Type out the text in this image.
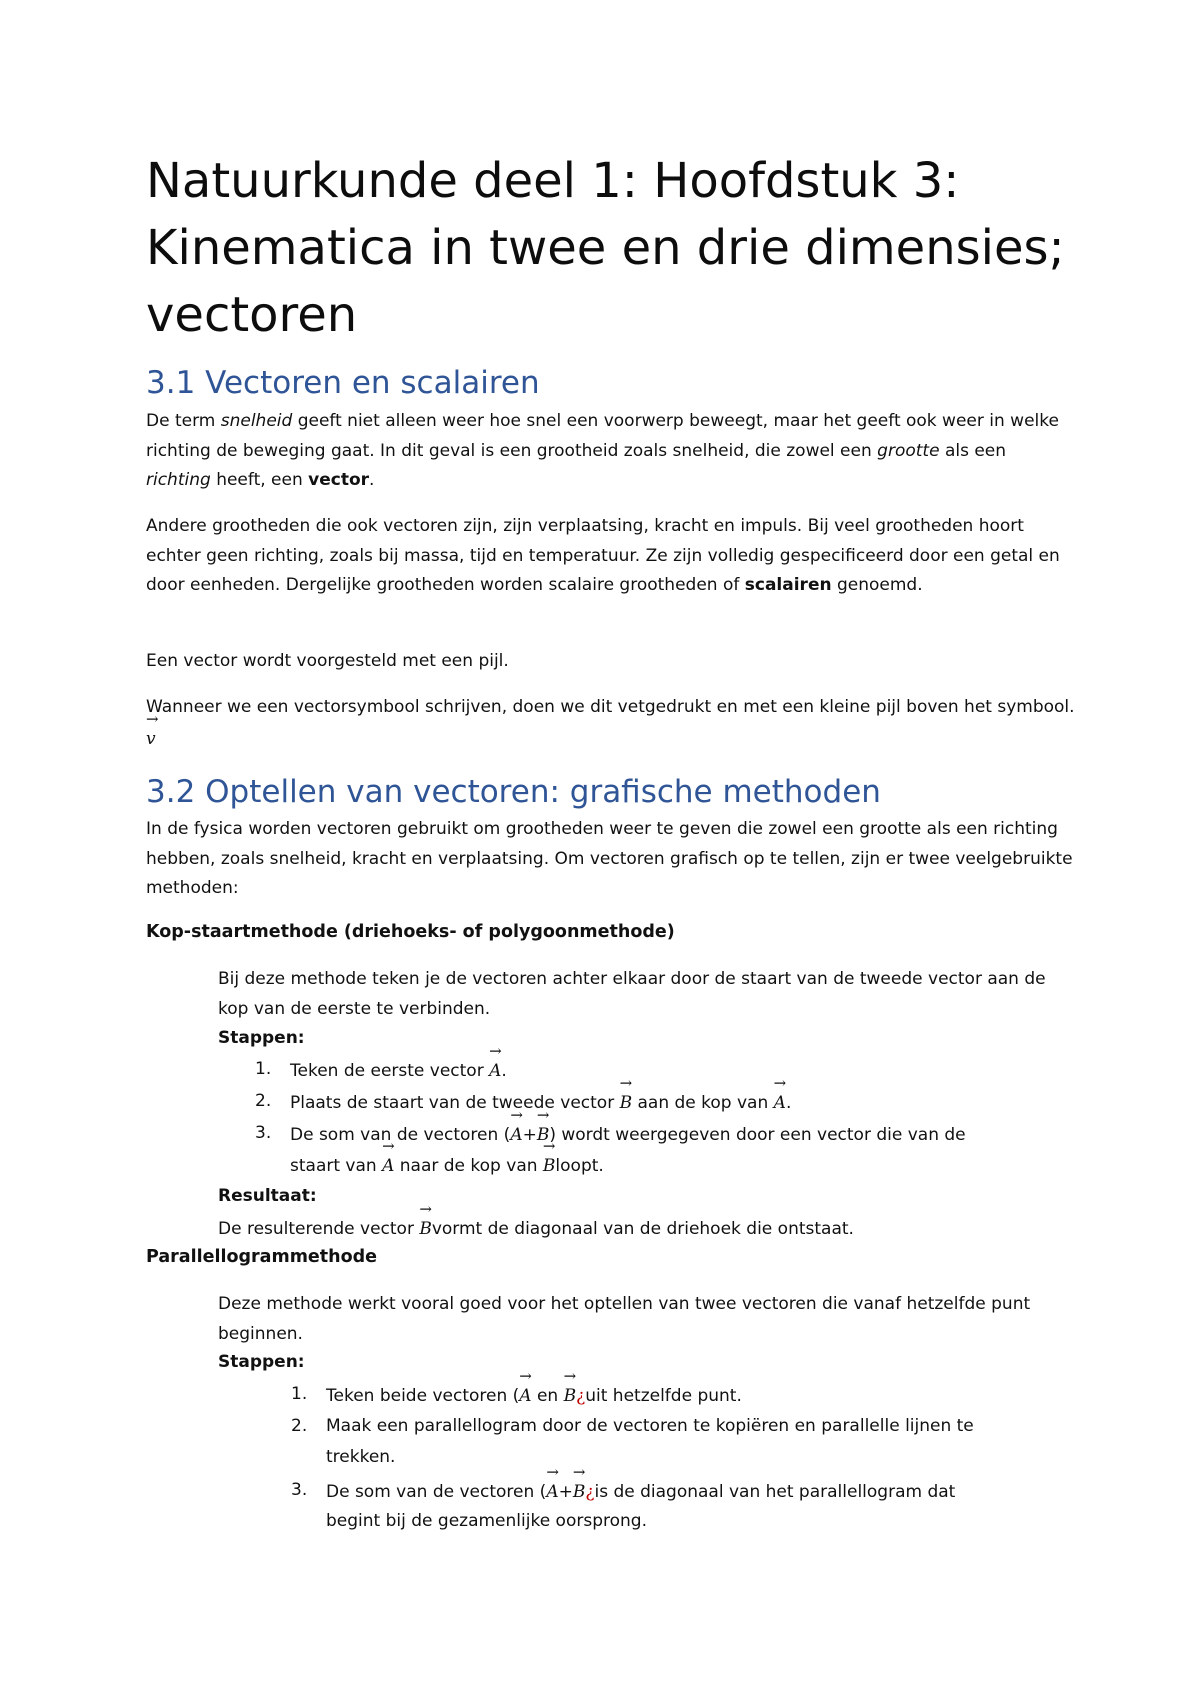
Natuurkunde deel 1: Hoofdstuk 3: Kinematica in twee en drie dimensies; vectoren
3.1 Vectoren en scalairen

De term snelheid geeft niet alleen weer hoe snel een voorwerp beweegt, maar het geeft ook weer in welke richting de beweging gaat. In dit geval is een grootheid zoals snelheid, die zowel een grootte als een richting heeft, een vector.

Andere grootheden die ook vectoren zijn, zijn verplaatsing, kracht en impuls. Bij veel grootheden hoort echter geen richting, zoals bij massa, tijd en temperatuur. Ze zijn volledig gespecificeerd door een getal en door eenheden. Dergelijke grootheden worden scalaire grootheden of scalairen genoemd.

Een vector wordt voorgesteld met een pijl.

Wanneer we een vectorsymbool schrijven, doen we dit vetgedrukt en met een kleine pijl boven het symbool. → v

3.2 Optellen van vectoren: grafische methoden

In de fysica worden vectoren gebruikt om grootheden weer te geven die zowel een grootte als een richting hebben, zoals snelheid, kracht en verplaatsing. Om vectoren grafisch op te tellen, zijn er twee veelgebruikte methoden:

Kop-staartmethode (driehoeks- of polygoonmethode)

Bij deze methode teken je de vectoren achter elkaar door de staart van de tweede vector aan de kop van de eerste te verbinden.

Stappen:
1. Teken de eerste vector → A.
2. Plaats de staart van de tweede vector → B aan de kop van → A.
3. De som van de vectoren (→ A+→ B) wordt weergegeven door een vector die van de
staart van → A naar de kop van → Bloopt.
Resultaat:
De resulterende vector → Bvormt de diagonaal van de driehoek die ontstaat.
Parallellogrammethode

Deze methode werkt vooral goed voor het optellen van twee vectoren die vanaf hetzelfde punt beginnen.

Stappen:
1. Teken beide vectoren (→ A en → B¿uit hetzelfde punt.
2. Maak een parallellogram door de vectoren te kopiëren en parallelle lijnen te
trekken.
3. De som van de vectoren (→ A+→ B¿is de diagonaal van het parallellogram dat
begint bij de gezamenlijke oorsprong.
